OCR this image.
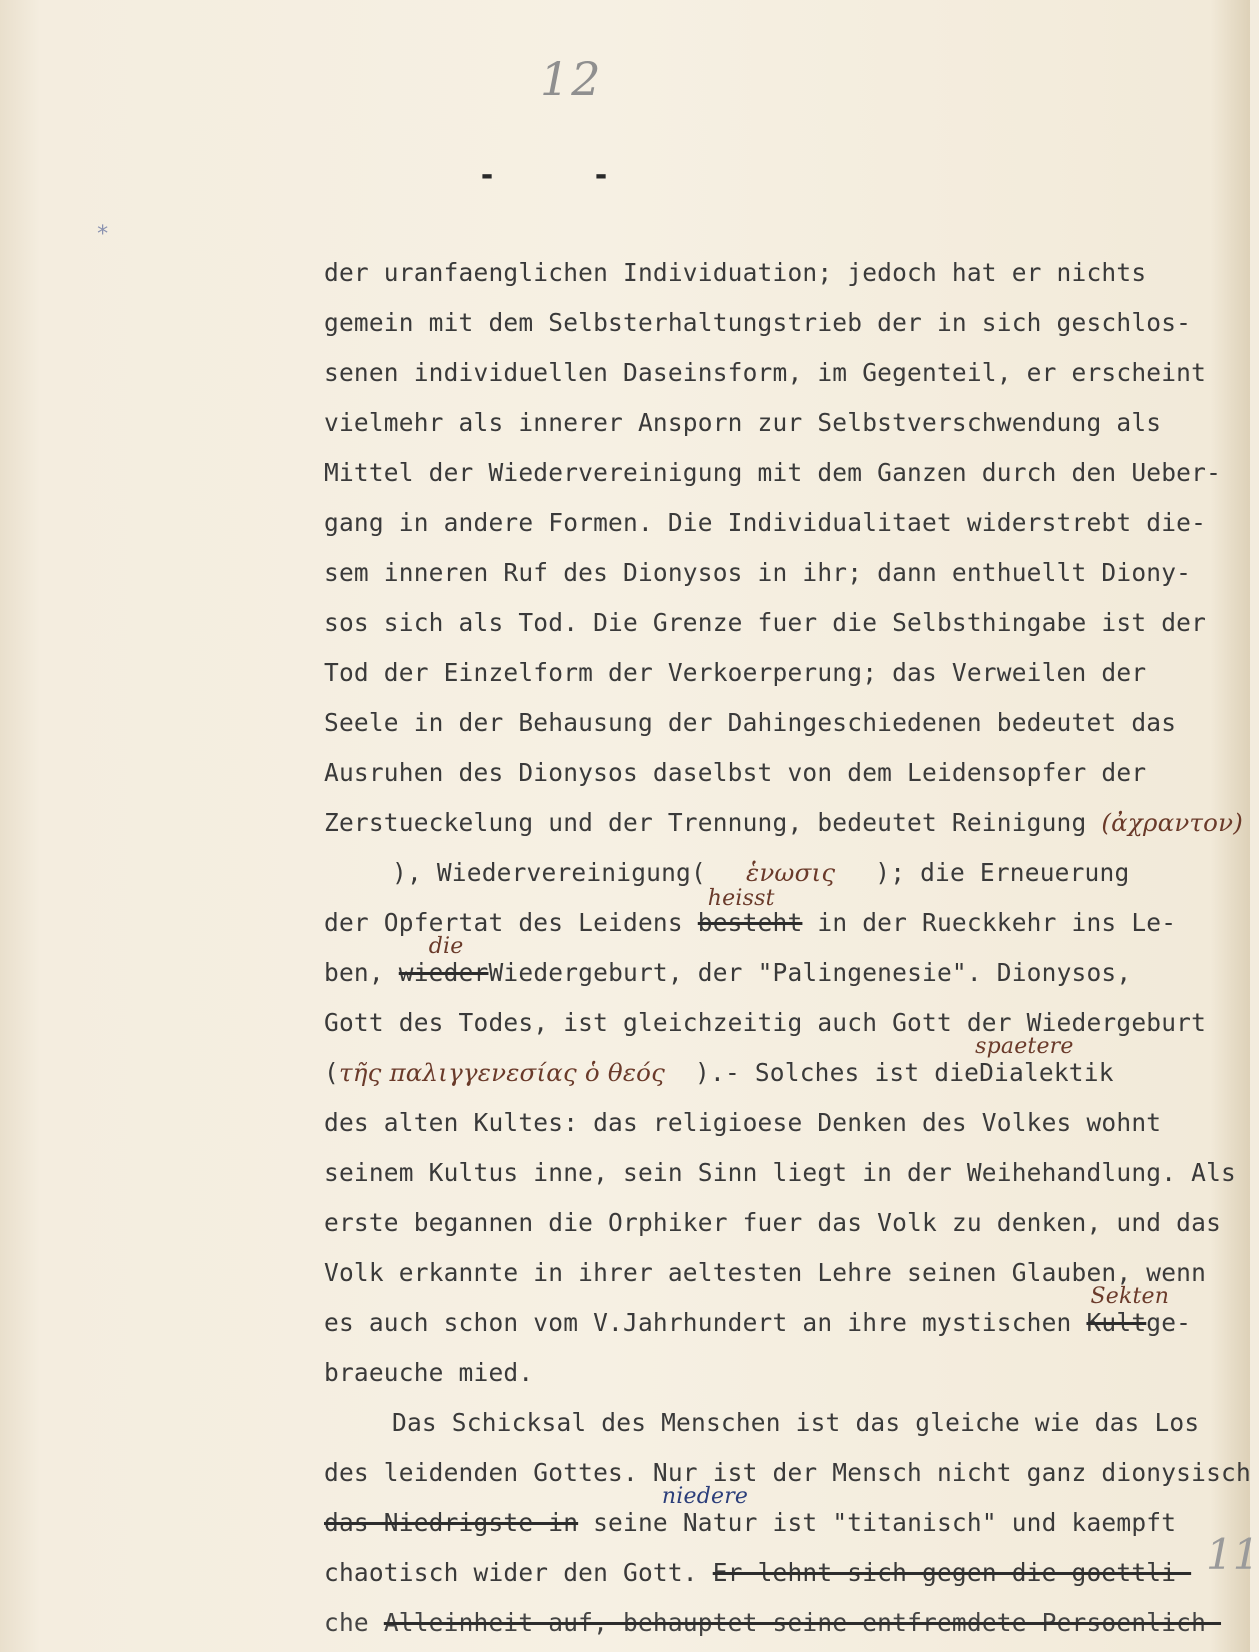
12
-	-
*
11
der uranfaenglichen Individuation; jedoch hat er nichts
gemein mit dem Selbsterhaltungstrieb der in sich geschlos-
senen individuellen Daseinsform, im Gegenteil, er erscheint
vielmehr als innerer Ansporn zur Selbstverschwendung als
Mittel der Wiedervereinigung mit dem Ganzen durch den Ueber-
gang in andere Formen. Die Individualitaet widerstrebt die-
sem inneren Ruf des Dionysos in ihr; dann enthuellt Diony-
sos sich als Tod. Die Grenze fuer die Selbsthingabe ist der
Tod der Einzelform der Verkoerperung; das Verweilen der
Seele in der Behausung der Dahingeschiedenen bedeutet das
Ausruhen des Dionysos daselbst von dem Leidensopfer der
Zerstueckelung und der Trennung, bedeutet Reinigung (ἀχραντον)
), Wiedervereinigung( ἑνωσις ); die Erneuerung
der Opfertat des Leidens
heisst
besteht in der Rueckkehr ins Le-
ben,
die
wiederWiedergeburt, der "Palingenesie". Dionysos,
Gott des Todes, ist gleichzeitig auch Gott der Wiedergeburt
(τῆς παλιγγενεσίας ὁ θεός ).- Solches ist die
spaetere
Dialektik
des alten Kultes: das religioese Denken des Volkes wohnt
seinem Kultus inne, sein Sinn liegt in der Weihehandlung. Als
erste begannen die Orphiker fuer das Volk zu denken, und das
Volk erkannte in ihrer aeltesten Lehre seinen Glauben, wenn
es auch schon vom V.Jahrhundert an ihre mystischen
Sekten
Kultge-
braeuche mied.
Das Schicksal des Menschen ist das gleiche wie das Los
des leidenden Gottes. Nur ist der Mensch nicht ganz dionysisch
das Niedrigste in seine
niedere
Natur ist "titanisch" und kaempft
chaotisch wider den Gott. Er lehnt sich gegen die goettli-
che Alleinheit auf, behauptet seine entfremdete Persoenlich-
